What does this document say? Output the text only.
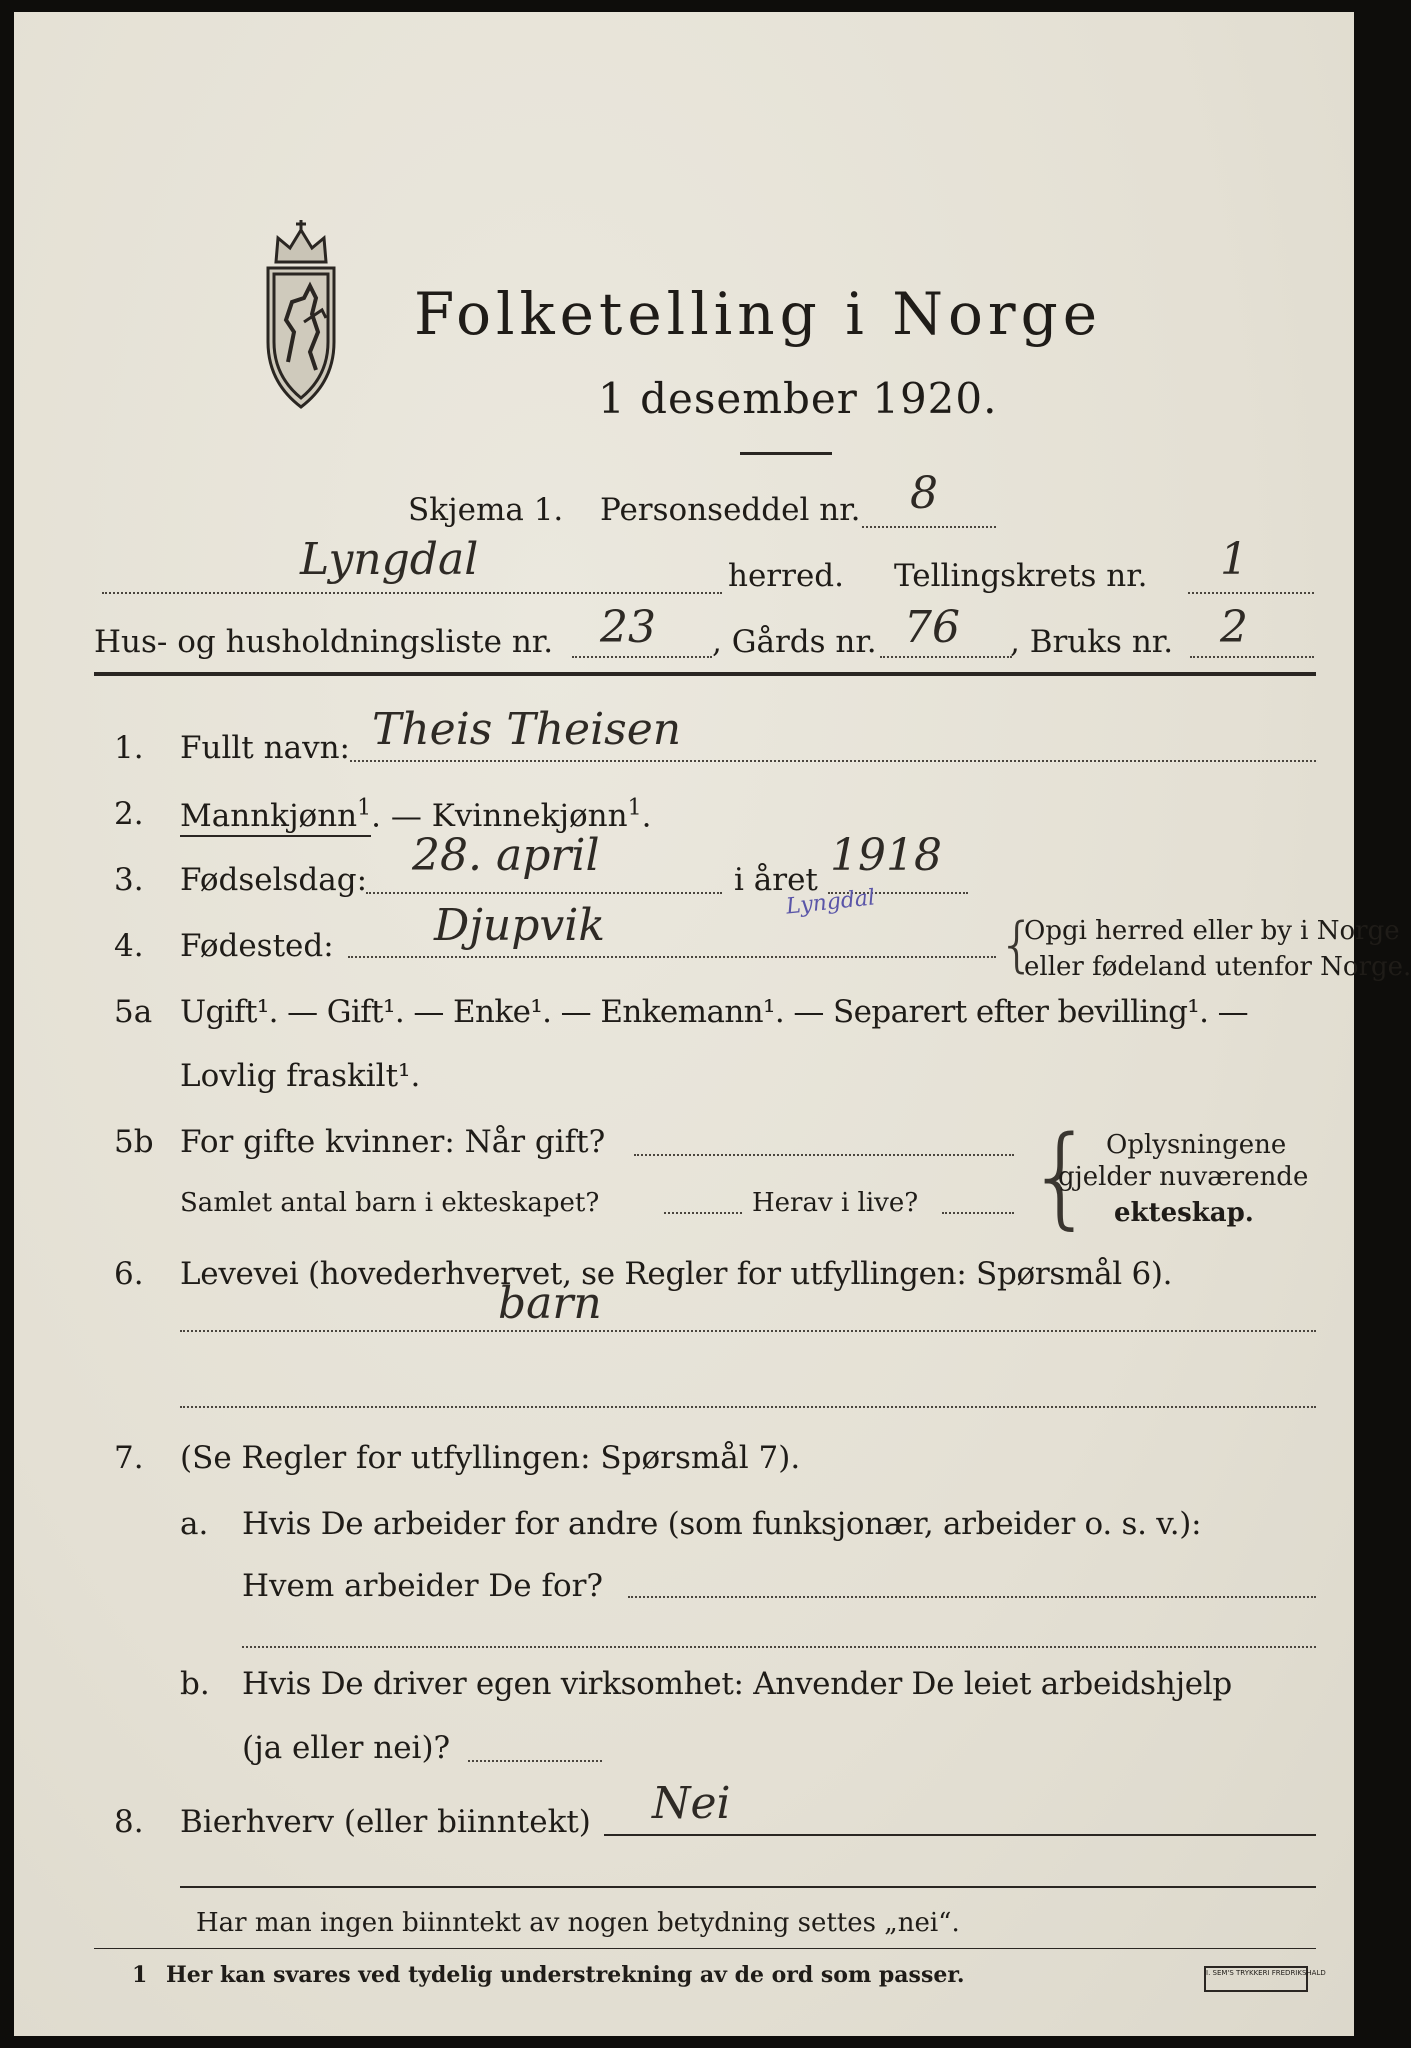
Folketelling i Norge
1 desember 1920.
Skjema 1. Personseddel nr. 8
Lyngdal	herred. Tellingskrets nr. 1
Hus- og husholdningsliste nr. 23 , Gårds nr. 76 , Bruks nr. 2
1. Fullt navn: Theis Theisen
2. Mannkjønn$^1$. — Kvinnekjønn$^1$.
3. Fødselsdag: 28. april	i året 1918
4. Fødested: Djupvik	Lyngdal
{
Opgi herred eller by i Norge
eller fødeland utenfor Norge.
5a Ugift¹. — Gift¹. — Enke¹. — Enkemann¹. — Separert efter bevilling¹. —
Lovlig fraskilt¹.
5b For gifte kvinner: Når gift?
Samlet antal barn i ekteskapet?	Herav i live? { Oplysningene
gjelder nuværende
ekteskap.
6. Levevei (hovederhvervet, se Regler for utfyllingen: Spørsmål 6).
barn
7. (Se Regler for utfyllingen: Spørsmål 7).
a. Hvis De arbeider for andre (som funksjonær, arbeider o. s. v.):
Hvem arbeider De for?
b. Hvis De driver egen virksomhet: Anvender De leiet arbeidshjelp
(ja eller nei)?
8. Bierhverv (eller biinntekt) Nei
Har man ingen biinntekt av nogen betydning settes „nei“.
1 Her kan svares ved tydelig understrekning av de ord som passer.	I. SEM'S TRYKKERI FREDRIKSHALD
